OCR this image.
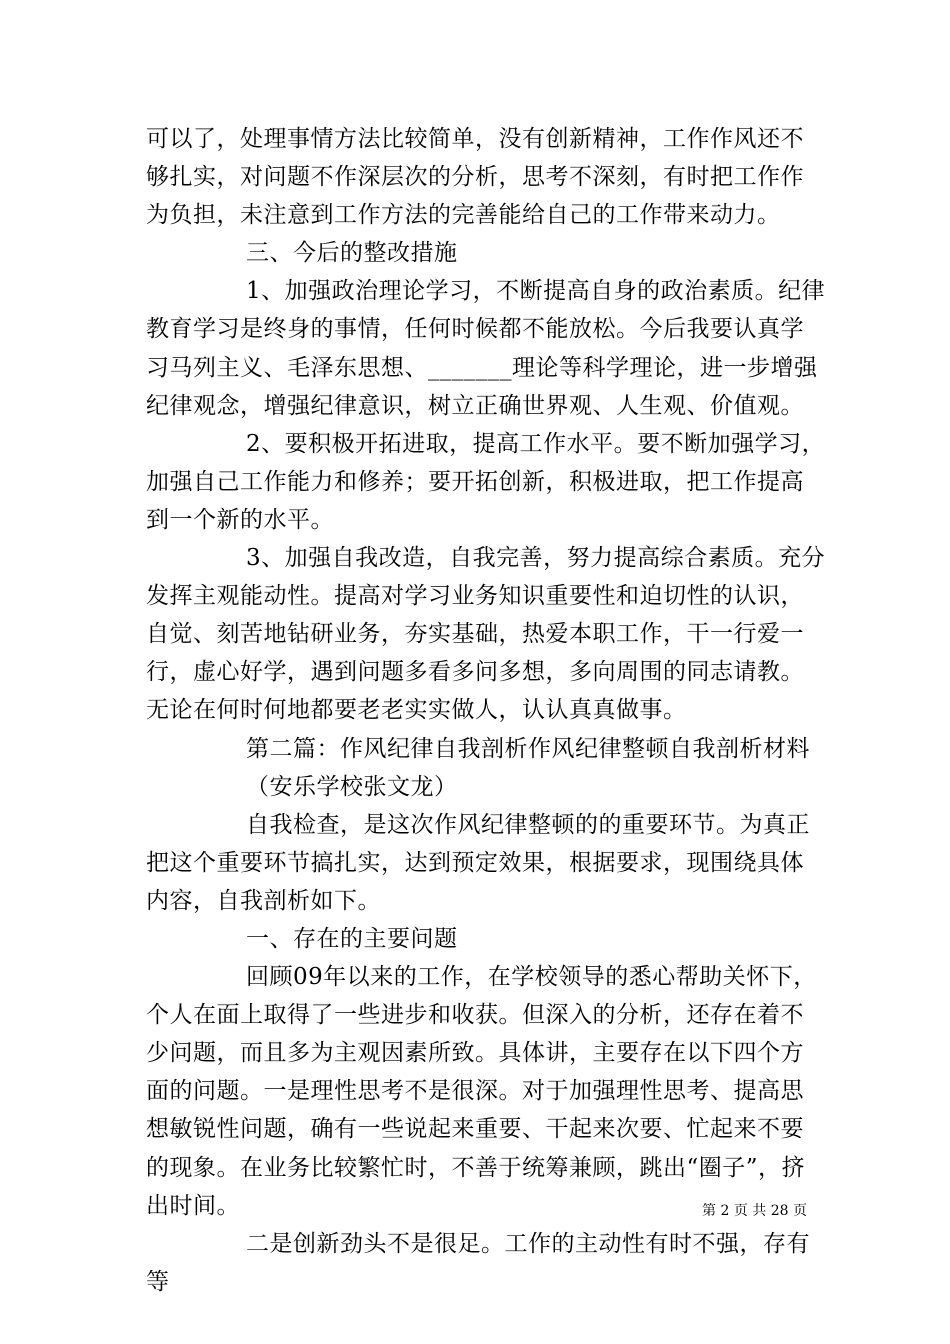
可以了，处理事情方法比较简单，没有创新精神，工作作风还不够扎实，对问题不作深层次的分析，思考不深刻，有时把工作作为负担，未注意到工作方法的完善能给自己的工作带来动力。

三、今后的整改措施

1、加强政治理论学习，不断提高自身的政治素质。纪律教育学习是终身的事情，任何时候都不能放松。今后我要认真学习马列主义、毛泽东思想、_______理论等科学理论，进一步增强纪律观念，增强纪律意识，树立正确世界观、人生观、价值观。

2、要积极开拓进取，提高工作水平。要不断加强学习，加强自己工作能力和修养；要开拓创新，积极进取，把工作提高到一个新的水平。

3、加强自我改造，自我完善，努力提高综合素质。充分发挥主观能动性。提高对学习业务知识重要性和迫切性的认识，自觉、刻苦地钻研业务，夯实基础，热爱本职工作，干一行爱一行，虚心好学，遇到问题多看多问多想，多向周围的同志请教。无论在何时何地都要老老实实做人，认认真真做事。

第二篇：作风纪律自我剖析作风纪律整顿自我剖析材料

（安乐学校张文龙）

自我检查，是这次作风纪律整顿的的重要环节。为真正把这个重要环节搞扎实，达到预定效果，根据要求，现围绕具体内容，自我剖析如下。

一、存在的主要问题

回顾09年以来的工作，在学校领导的悉心帮助关怀下，个人在面上取得了一些进步和收获。但深入的分析，还存在着不少问题，而且多为主观因素所致。具体讲，主要存在以下四个方面的问题。一是理性思考不是很深。对于加强理性思考、提高思想敏锐性问题，确有一些说起来重要、干起来次要、忙起来不要的现象。在业务比较繁忙时，不善于统筹兼顾，跳出“圈子”，挤出时间。

二是创新劲头不是很足。工作的主动性有时不强，存有等

第 2 页 共 28 页
